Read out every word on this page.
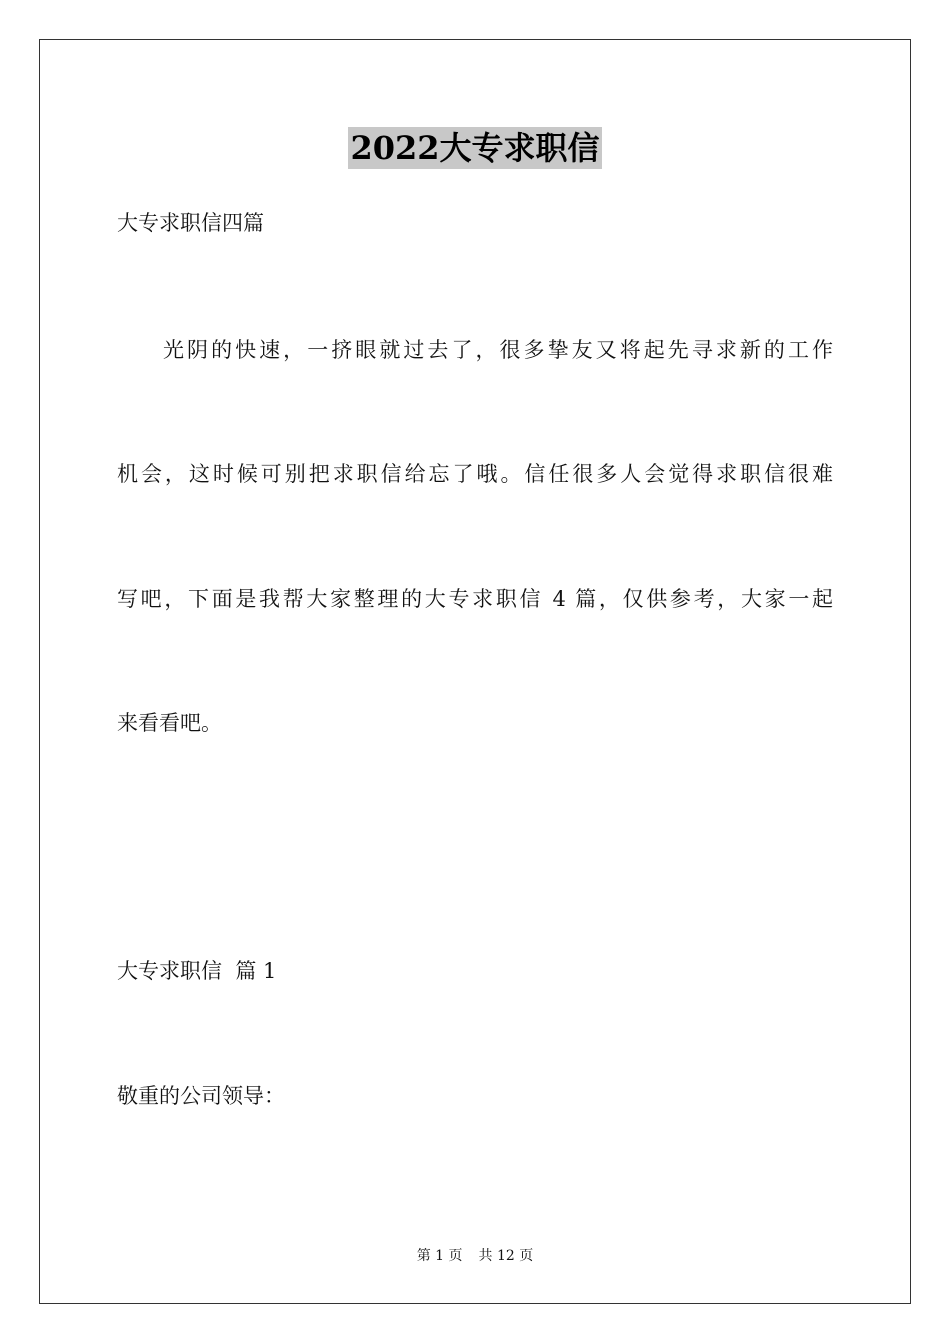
2022大专求职信
大专求职信四篇
光阴的快速，一挤眼就过去了，很多挚友又将起先寻求新的工作
机会，这时候可别把求职信给忘了哦。信任很多人会觉得求职信很难
写吧，下面是我帮大家整理的大专求职信 4 篇，仅供参考，大家一起
来看看吧。
大专求职信  篇 1
敬重的公司领导：
第 1 页 共 12 页
